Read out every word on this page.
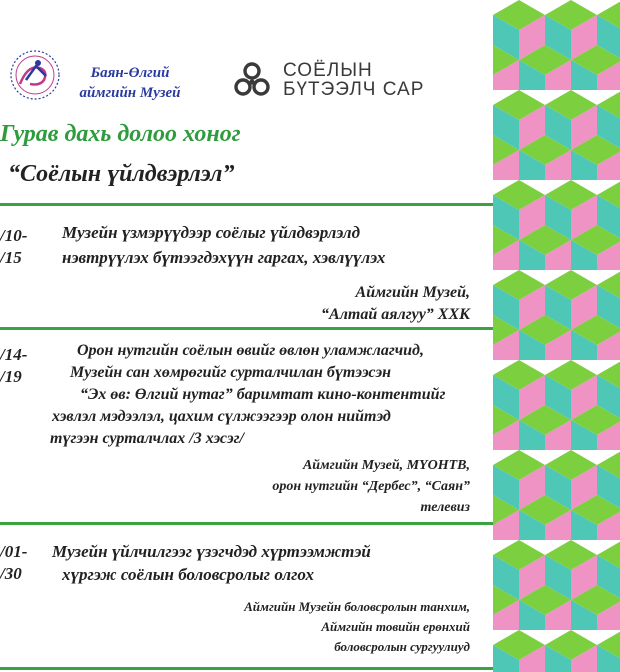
Баян-Өлгий
аймгийн Музей
СОЁЛЫН
БҮТЭЭЛЧ САР
Гурав дахь долоо хоног
“Соёлын үйлдвэрлэл”
/10-
/15
Музейн үзмэрүүдээр соёлыг үйлдвэрлэлд
нэвтрүүлэх бүтээгдэхүүн гаргах, хэвлүүлэх
Аймгийн Музей,
“Алтай аялгуу” ХХК
/14-
/19
Орон нутгийн соёлын өвийг өвлөн уламжлагчид,
Музейн сан хөмрөгийг сурталчилан бүтээсэн
“Эх өв: Өлгий нутаг” баримтат кино-контентийг
хэвлэл мэдээлэл, цахим сүлжээгээр олон нийтэд
түгээн сурталчлах /3 хэсэг/
Аймгийн Музей, МҮОНТВ,
орон нутгийн “Дербес”, “Саян”
телевиз
/01-
/30
Музейн үйлчилгээг үзэгчдэд хүртээмжтэй
хүргэж соёлын боловсролыг олгох
Аймгийн Музейн боловсролын танхим,
Аймгийн товийн ерөнхий
боловсролын сургуулиуд
